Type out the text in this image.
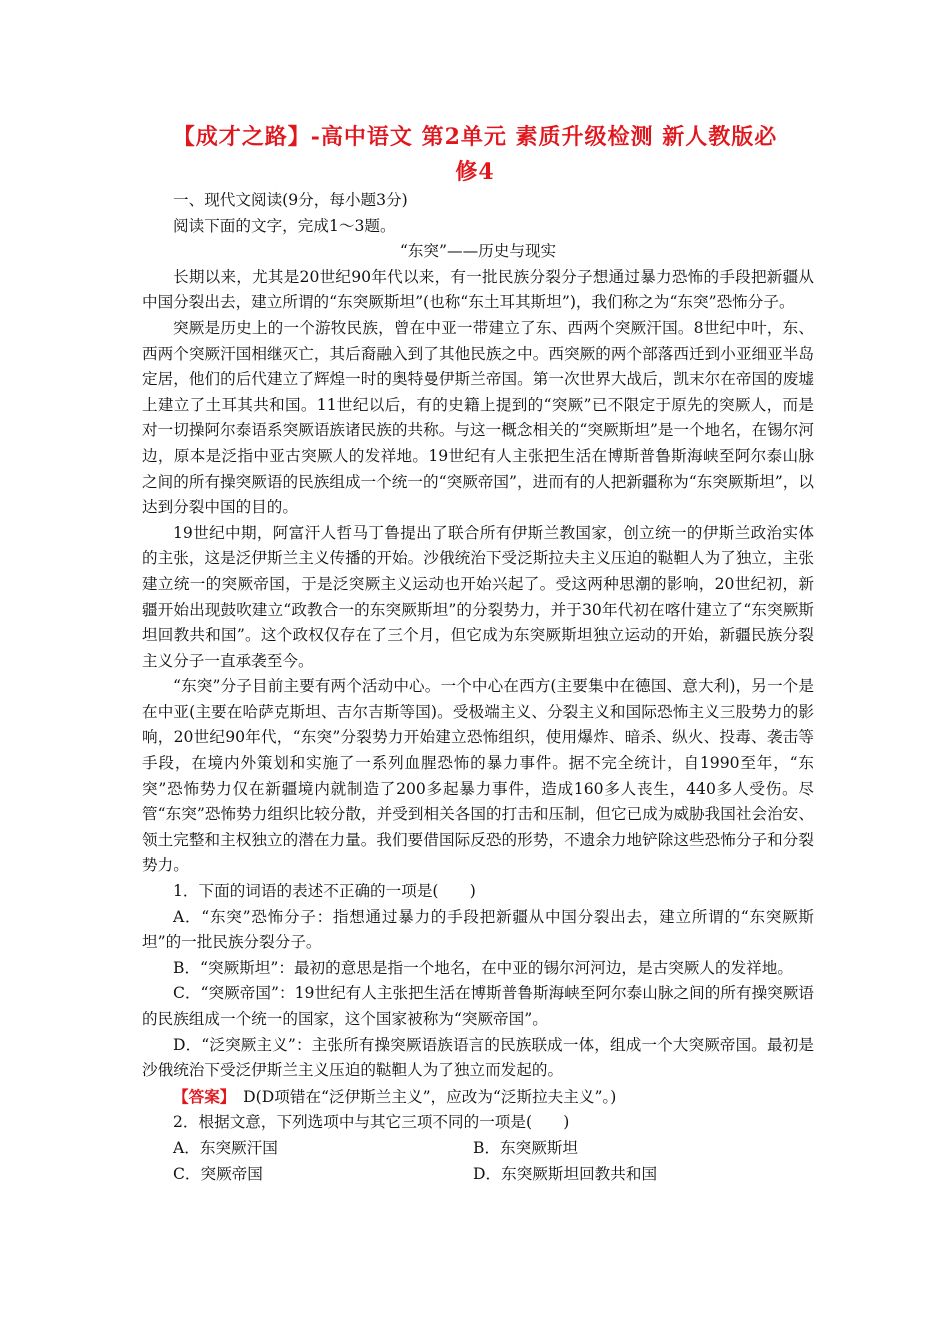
【成才之路】-高中语文 第2单元 素质升级检测 新人教版必
修4

一、现代文阅读(9分，每小题3分)

阅读下面的文字，完成1～3题。

“东突”——历史与现实

长期以来，尤其是20世纪90年代以来，有一批民族分裂分子想通过暴力恐怖的手段把新疆从中国分裂出去，建立所谓的“东突厥斯坦”(也称“东土耳其斯坦”)，我们称之为“东突”恐怖分子。

突厥是历史上的一个游牧民族，曾在中亚一带建立了东、西两个突厥汗国。8世纪中叶，东、西两个突厥汗国相继灭亡，其后裔融入到了其他民族之中。西突厥的两个部落西迁到小亚细亚半岛定居，他们的后代建立了辉煌一时的奥特曼伊斯兰帝国。第一次世界大战后，凯末尔在帝国的废墟上建立了土耳其共和国。11世纪以后，有的史籍上提到的“突厥”已不限定于原先的突厥人，而是对一切操阿尔泰语系突厥语族诸民族的共称。与这一概念相关的“突厥斯坦”是一个地名，在锡尔河边，原本是泛指中亚古突厥人的发祥地。19世纪有人主张把生活在博斯普鲁斯海峡至阿尔泰山脉之间的所有操突厥语的民族组成一个统一的“突厥帝国”，进而有的人把新疆称为“东突厥斯坦”，以达到分裂中国的目的。

19世纪中期，阿富汗人哲马丁鲁提出了联合所有伊斯兰教国家，创立统一的伊斯兰政治实体的主张，这是泛伊斯兰主义传播的开始。沙俄统治下受泛斯拉夫主义压迫的鞑靼人为了独立，主张建立统一的突厥帝国，于是泛突厥主义运动也开始兴起了。受这两种思潮的影响，20世纪初，新疆开始出现鼓吹建立“政教合一的东突厥斯坦”的分裂势力，并于30年代初在喀什建立了“东突厥斯坦回教共和国”。这个政权仅存在了三个月，但它成为东突厥斯坦独立运动的开始，新疆民族分裂主义分子一直承袭至今。

“东突”分子目前主要有两个活动中心。一个中心在西方(主要集中在德国、意大利)，另一个是在中亚(主要在哈萨克斯坦、吉尔吉斯等国)。受极端主义、分裂主义和国际恐怖主义三股势力的影响，20世纪90年代，“东突”分裂势力开始建立恐怖组织，使用爆炸、暗杀、纵火、投毒、袭击等手段，在境内外策划和实施了一系列血腥恐怖的暴力事件。据不完全统计，自1990至年，“东突”恐怖势力仅在新疆境内就制造了200多起暴力事件，造成160多人丧生，440多人受伤。尽管“东突”恐怖势力组织比较分散，并受到相关各国的打击和压制，但它已成为威胁我国社会治安、领土完整和主权独立的潜在力量。我们要借国际反恐的形势，不遗余力地铲除这些恐怖分子和分裂势力。

1．下面的词语的表述不正确的一项是(　　)

A．“东突”恐怖分子：指想通过暴力的手段把新疆从中国分裂出去，建立所谓的“东突厥斯坦”的一批民族分裂分子。

B．“突厥斯坦”：最初的意思是指一个地名，在中亚的锡尔河河边，是古突厥人的发祥地。

C．“突厥帝国”：19世纪有人主张把生活在博斯普鲁斯海峡至阿尔泰山脉之间的所有操突厥语的民族组成一个统一的国家，这个国家被称为“突厥帝国”。

D．“泛突厥主义”：主张所有操突厥语族语言的民族联成一体，组成一个大突厥帝国。最初是沙俄统治下受泛伊斯兰主义压迫的鞑靼人为了独立而发起的。

【答案】　D(D项错在“泛伊斯兰主义”，应改为“泛斯拉夫主义”。)

2．根据文意，下列选项中与其它三项不同的一项是(　　)

A．东突厥汗国	B．东突厥斯坦
C．突厥帝国	D．东突厥斯坦回教共和国
